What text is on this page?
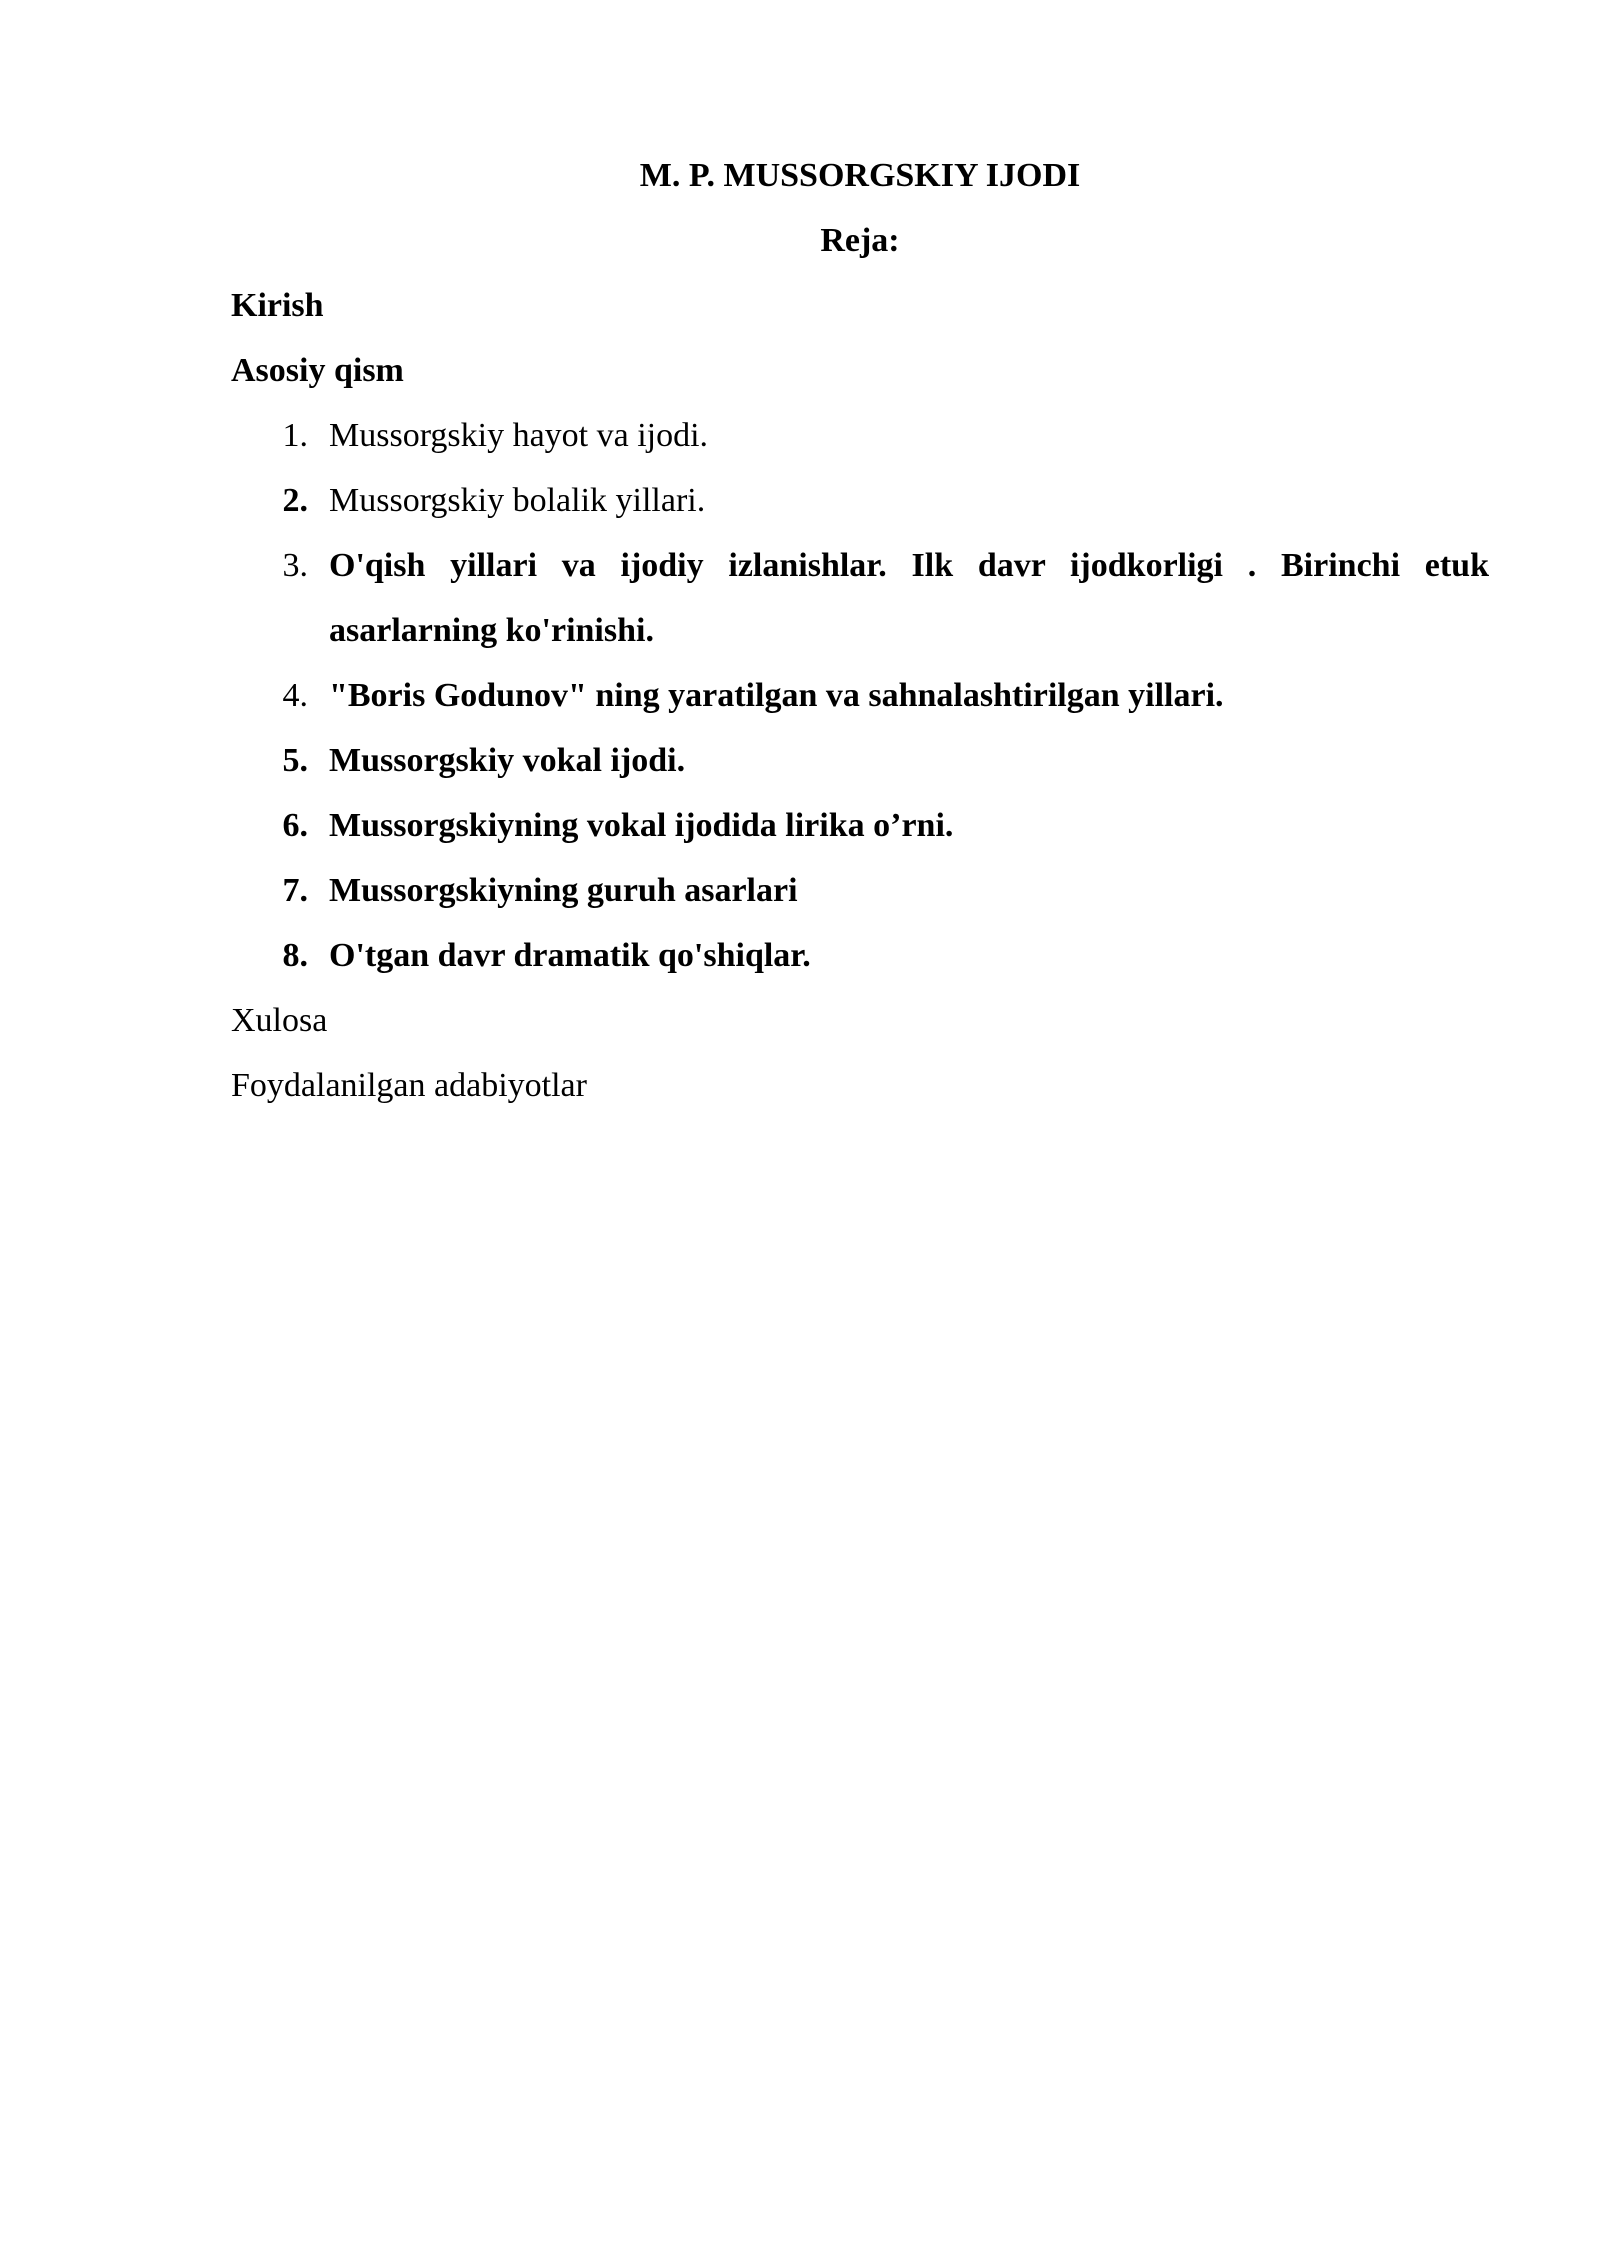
M. P. MUSSORGSKIY IJODI
Reja:
Kirish
Asosiy qism
1. Mussorgskiy hayot va ijodi.
2. Mussorgskiy bolalik yillari.
3. O'qish yillari va ijodiy izlanishlar. Ilk davr ijodkorligi . Birinchi etuk
asarlarning ko'rinishi.
4. "Boris Godunov" ning yaratilgan va sahnalashtirilgan yillari.
5. Mussorgskiy vokal ijodi.
6. Mussorgskiyning vokal ijodida lirika o’rni.
7. Mussorgskiyning guruh asarlari
8. O'tgan davr dramatik qo'shiqlar.
Xulosa
Foydalanilgan adabiyotlar
